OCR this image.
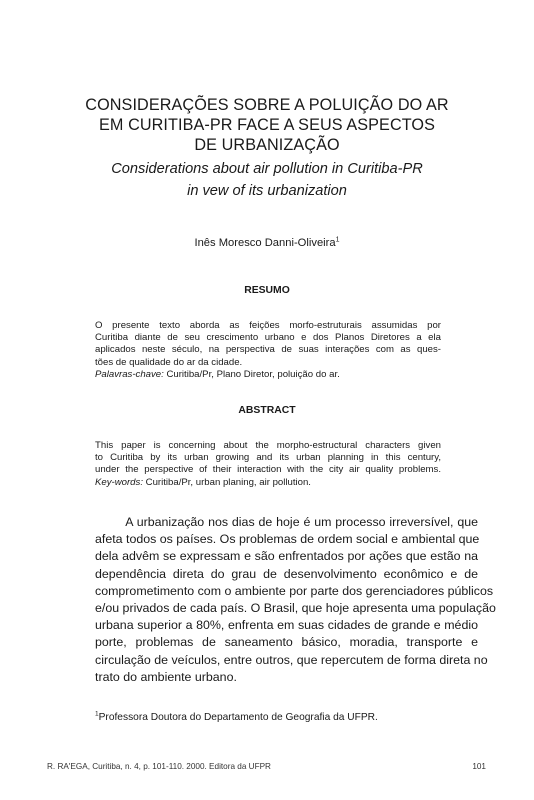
CONSIDERAÇÕES SOBRE A POLUIÇÃO DO AR
EM CURITIBA-PR FACE A SEUS ASPECTOS
DE URBANIZAÇÃO
Considerations about air pollution in Curitiba-PR
in vew of its urbanization
Inês Moresco Danni-Oliveira$^1$
RESUMO
O presente texto aborda as feições morfo-estruturais assumidas por
Curitiba diante de seu crescimento urbano e dos Planos Diretores a ela
aplicados neste século, na perspectiva de suas interações com as ques-
tões de qualidade do ar da cidade.
Palavras-chave: Curitiba/Pr, Plano Diretor, poluição do ar.
ABSTRACT
This paper is concerning about the morpho-estructural characters given
to Curitiba by its urban growing and its urban planning in this century,
under the perspective of their interaction with the city air quality problems.
Key-words: Curitiba/Pr, urban planing, air pollution.
A urbanização nos dias de hoje é um processo irreversível, que
afeta todos os países. Os problemas de ordem social e ambiental que
dela advêm se expressam e são enfrentados por ações que estão na
dependência direta do grau de desenvolvimento econômico e de
comprometimento com o ambiente por parte dos gerenciadores públicos
e/ou privados de cada país. O Brasil, que hoje apresenta uma população
urbana superior a 80%, enfrenta em suas cidades de grande e médio
porte, problemas de saneamento básico, moradia, transporte e
circulação de veículos, entre outros, que repercutem de forma direta no
trato do ambiente urbano.
$^1$Professora Doutora do Departamento de Geografia da UFPR.
R. RA'EGA, Curitiba, n. 4, p. 101-110. 2000. Editora da UFPR	101
